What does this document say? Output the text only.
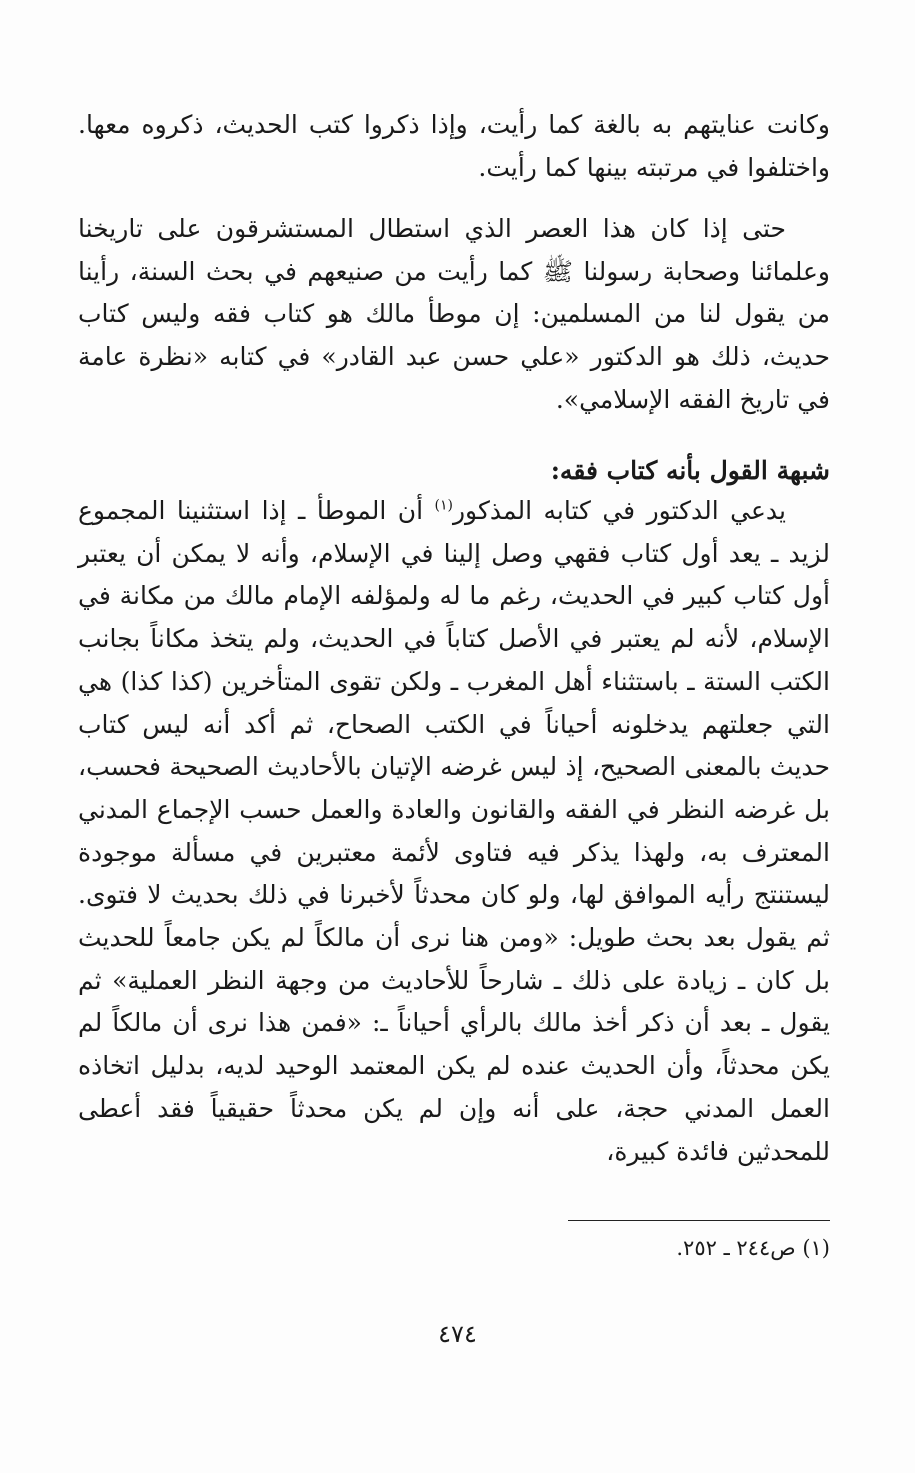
وكانت عنايتهم به بالغة كما رأيت، وإذا ذكروا كتب الحديث، ذكروه معها. واختلفوا في مرتبته بينها كما رأيت.

حتى إذا كان هذا العصر الذي استطال المستشرقون على تاريخنا وعلمائنا وصحابة رسولنا ﷺ كما رأيت من صنيعهم في بحث السنة، رأينا من يقول لنا من المسلمين: إن موطأ مالك هو كتاب فقه وليس كتاب حديث، ذلك هو الدكتور «علي حسن عبد القادر» في كتابه «نظرة عامة في تاريخ الفقه الإسلامي».

شبهة القول بأنه كتاب فقه:

يدعي الدكتور في كتابه المذكور$^{(١)}$ أن الموطأ ـ إذا استثنينا المجموع لزيد ـ يعد أول كتاب فقهي وصل إلينا في الإسلام، وأنه لا يمكن أن يعتبر أول كتاب كبير في الحديث، رغم ما له ولمؤلفه الإمام مالك من مكانة في الإسلام، لأنه لم يعتبر في الأصل كتاباً في الحديث، ولم يتخذ مكاناً بجانب الكتب الستة ـ باستثناء أهل المغرب ـ ولكن تقوى المتأخرين (كذا كذا) هي التي جعلتهم يدخلونه أحياناً في الكتب الصحاح، ثم أكد أنه ليس كتاب حديث بالمعنى الصحيح، إذ ليس غرضه الإتيان بالأحاديث الصحيحة فحسب، بل غرضه النظر في الفقه والقانون والعادة والعمل حسب الإجماع المدني المعترف به، ولهذا يذكر فيه فتاوى لأئمة معتبرين في مسألة موجودة ليستنتج رأيه الموافق لها، ولو كان محدثاً لأخبرنا في ذلك بحديث لا فتوى. ثم يقول بعد بحث طويل: «ومن هنا نرى أن مالكاً لم يكن جامعاً للحديث بل كان ـ زيادة على ذلك ـ شارحاً للأحاديث من وجهة النظر العملية» ثم يقول ـ بعد أن ذكر أخذ مالك بالرأي أحياناً ـ: «فمن هذا نرى أن مالكاً لم يكن محدثاً، وأن الحديث عنده لم يكن المعتمد الوحيد لديه، بدليل اتخاذه العمل المدني حجة، على أنه وإن لم يكن محدثاً حقيقياً فقد أعطى للمحدثين فائدة كبيرة،

(١) ص٢٤٤ ـ ٢٥٢.

٤٧٤
